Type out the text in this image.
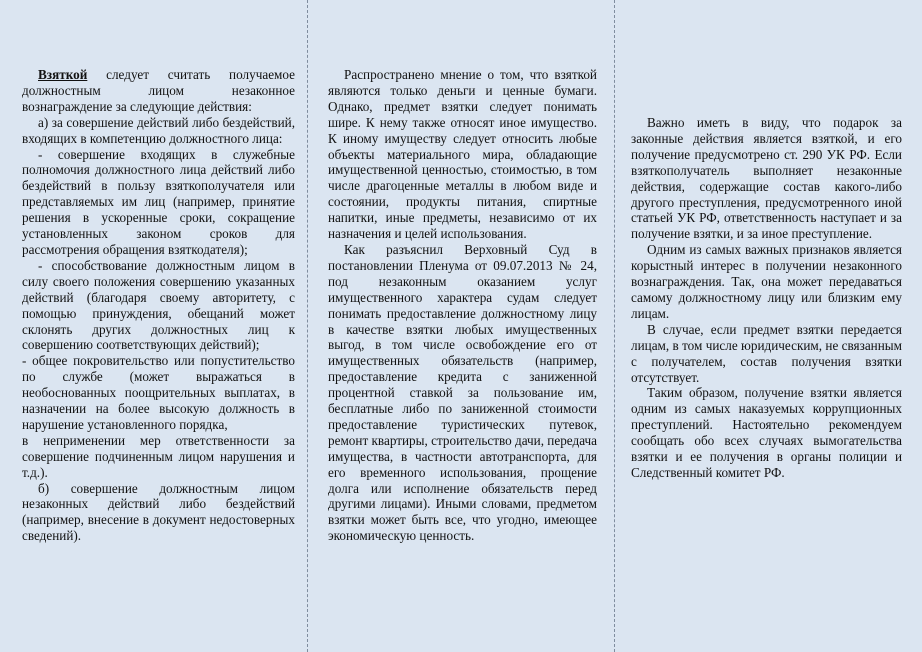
Взяткой следует считать получаемое должностным лицом незаконное вознаграждение за следующие действия:

а) за совершение действий либо бездействий, входящих в компетенцию должностного лица:

- совершение входящих в служебные полномочия должностного лица действий либо бездействий в пользу взяткополучателя или представляемых им лиц (например, принятие решения в ускоренные сроки, сокращение установленных законом сроков для рассмотрения обращения взяткодателя);

- способствование должностным лицом в силу своего положения совершению указанных действий (благодаря своему авторитету, с помощью принуждения, обещаний может склонять других должностных лиц к совершению соответствующих действий);

- общее покровительство или попустительство по службе (может выражаться в необоснованных поощрительных выплатах, в назначении на более высокую должность в нарушение установленного порядка,

в неприменении мер ответственности за совершение подчиненным лицом нарушения и т.д.).

б) совершение должностным лицом незаконных действий либо бездействий (например, внесение в документ недостоверных сведений).

Распространено мнение о том, что взяткой являются только деньги и ценные бумаги. Однако, предмет взятки следует понимать шире. К нему также относят иное имущество. К иному имуществу следует относить любые объекты материального мира, обладающие имущественной ценностью, стоимостью, в том числе драгоценные металлы в любом виде и состоянии, продукты питания, спиртные напитки, иные предметы, независимо от их назначения и целей использования.

Как разъяснил Верховный Суд в постановлении Пленума от 09.07.2013 № 24, под незаконным оказанием услуг имущественного характера судам следует понимать предоставление должностному лицу в качестве взятки любых имущественных выгод, в том числе освобождение его от имущественных обязательств (например, предоставление кредита с заниженной процентной ставкой за пользование им, бесплатные либо по заниженной стоимости предоставление туристических путевок, ремонт квартиры, строительство дачи, передача имущества, в частности автотранспорта, для его временного использования, прощение долга или исполнение обязательств перед другими лицами). Иными словами, предметом взятки может быть все, что угодно, имеющее экономическую ценность.

Важно иметь в виду, что подарок за законные действия является взяткой, и его получение предусмотрено ст. 290 УК РФ. Если взяткополучатель выполняет незаконные действия, содержащие состав какого-либо другого преступления, предусмотренного иной статьей УК РФ, ответственность наступает и за получение взятки, и за иное преступление.

Одним из самых важных признаков является корыстный интерес в получении незаконного вознаграждения. Так, она может передаваться самому должностному лицу или близким ему лицам.

В случае, если предмет взятки передается лицам, в том числе юридическим, не связанным с получателем, состав получения взятки отсутствует.

Таким образом, получение взятки является одним из самых наказуемых коррупционных преступлений. Настоятельно рекомендуем сообщать обо всех случаях вымогательства взятки и ее получения в органы полиции и Следственный комитет РФ.
